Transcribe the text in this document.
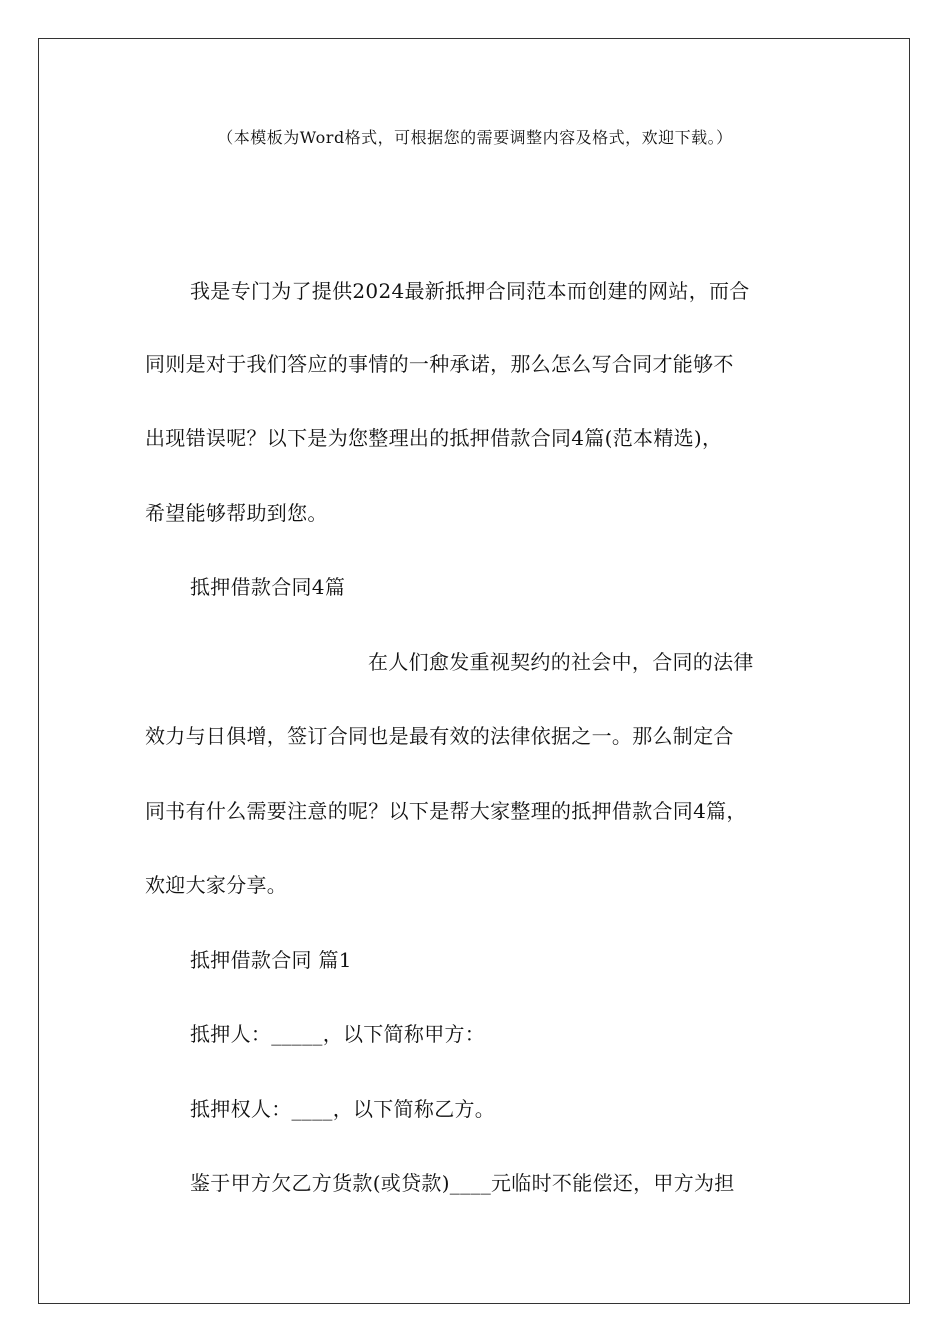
（本模板为Word格式，可根据您的需要调整内容及格式，欢迎下载。）
我是专门为了提供2024最新抵押合同范本而创建的网站，而合
同则是对于我们答应的事情的一种承诺，那么怎么写合同才能够不
出现错误呢？以下是为您整理出的抵押借款合同4篇(范本精选)，
希望能够帮助到您。
抵押借款合同4篇
在人们愈发重视契约的社会中，合同的法律
效力与日俱增，签订合同也是最有效的法律依据之一。那么制定合
同书有什么需要注意的呢？以下是帮大家整理的抵押借款合同4篇，
欢迎大家分享。
抵押借款合同 篇1
抵押人：_____，以下简称甲方：
抵押权人：____，以下简称乙方。
鉴于甲方欠乙方货款(或贷款)____元临时不能偿还，甲方为担
